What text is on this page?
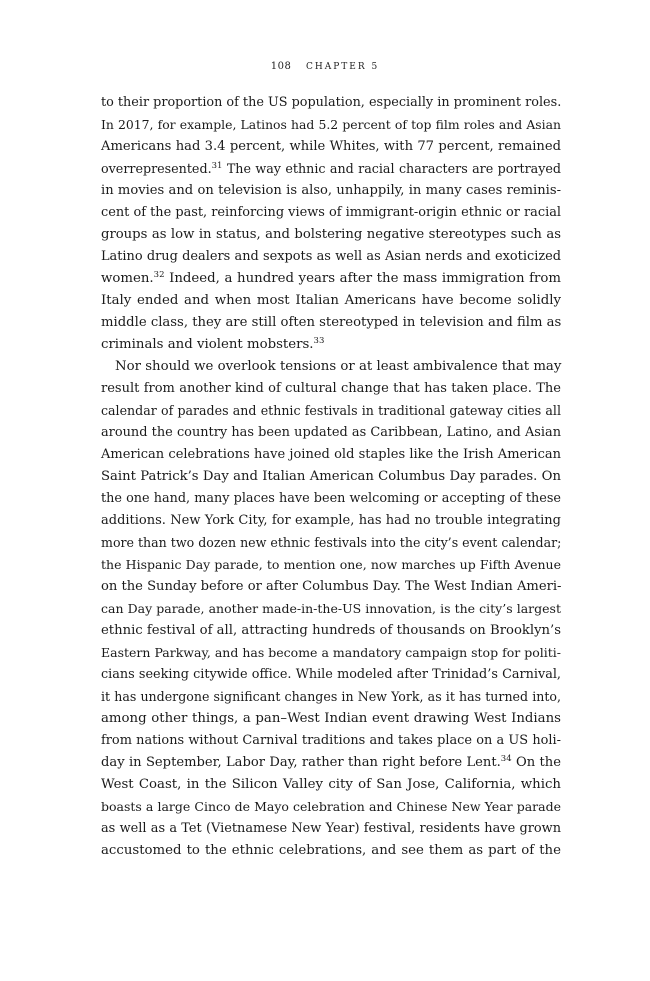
108 CHAPTER 5
to their proportion of the US population, especially in prominent roles.
In 2017, for example, Latinos had 5.2 percent of top film roles and Asian
Americans had 3.4 percent, while Whites, with 77 percent, remained
overrepresented.$^{31}$ The way ethnic and racial characters are portrayed
in movies and on television is also, unhappily, in many cases reminis-
cent of the past, reinforcing views of immigrant-origin ethnic or racial
groups as low in status, and bolstering negative stereotypes such as
Latino drug dealers and sexpots as well as Asian nerds and exoticized
women.$^{32}$ Indeed, a hundred years after the mass immigration from
Italy ended and when most Italian Americans have become solidly
middle class, they are still often stereotyped in television and film as
criminals and violent mobsters.$^{33}$
Nor should we overlook tensions or at least ambivalence that may
result from another kind of cultural change that has taken place. The
calendar of parades and ethnic festivals in traditional gateway cities all
around the country has been updated as Caribbean, Latino, and Asian
American celebrations have joined old staples like the Irish American
Saint Patrick’s Day and Italian American Columbus Day parades. On
the one hand, many places have been welcoming or accepting of these
additions. New York City, for example, has had no trouble integrating
more than two dozen new ethnic festivals into the city’s event calendar;
the Hispanic Day parade, to mention one, now marches up Fifth Avenue
on the Sunday before or after Columbus Day. The West Indian Ameri-
can Day parade, another made-in-the-US innovation, is the city’s largest
ethnic festival of all, attracting hundreds of thousands on Brooklyn’s
Eastern Parkway, and has become a mandatory campaign stop for politi-
cians seeking citywide office. While modeled after Trinidad’s Carnival,
it has undergone significant changes in New York, as it has turned into,
among other things, a pan–West Indian event drawing West Indians
from nations without Carnival traditions and takes place on a US holi-
day in September, Labor Day, rather than right before Lent.$^{34}$ On the
West Coast, in the Silicon Valley city of San Jose, California, which
boasts a large Cinco de Mayo celebration and Chinese New Year parade
as well as a Tet (Vietnamese New Year) festival, residents have grown
accustomed to the ethnic celebrations, and see them as part of the
